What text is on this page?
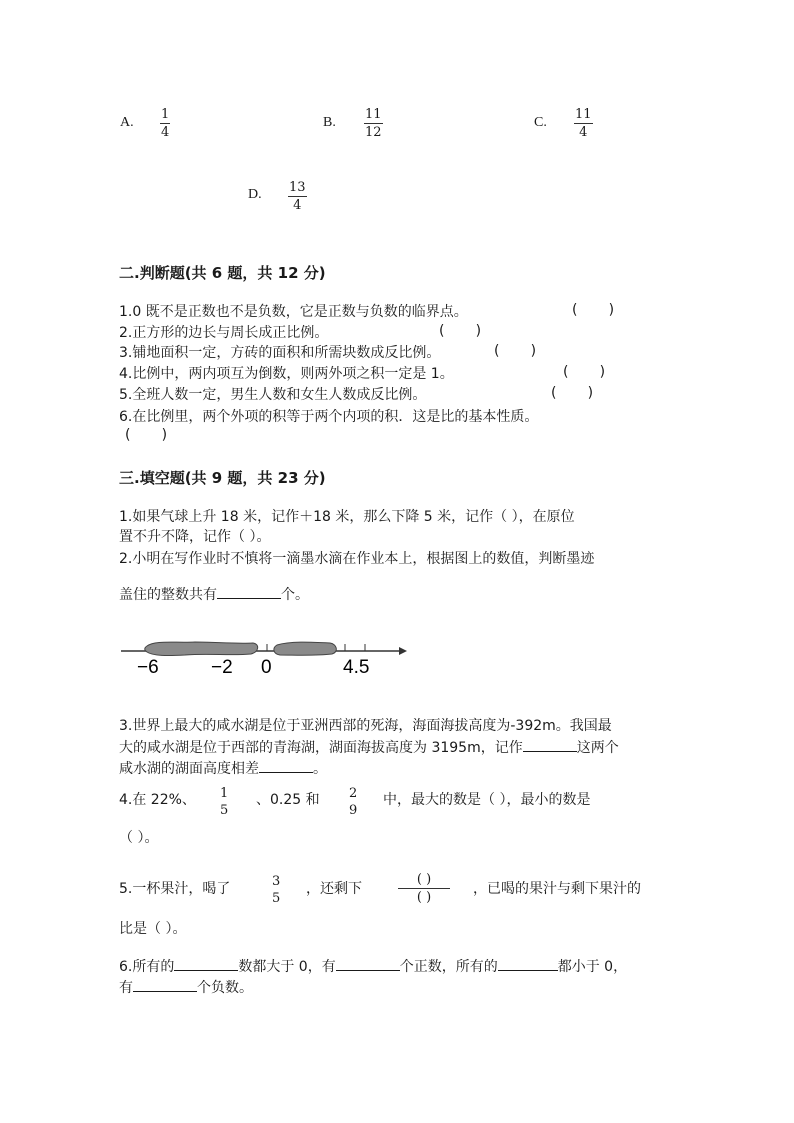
A. $\frac{1}{4}$	B. $\frac{11}{12}$	C. $\frac{11}{4}$
D. $\frac{13}{4}$
二.判断题(共 6 题，共 12 分)
1.0 既不是正数也不是负数，它是正数与负数的临界点。	(       )
2.正方形的边长与周长成正比例。	(       )
3.铺地面积一定，方砖的面积和所需块数成反比例。	(       )
4.比例中，两内项互为倒数，则两外项之积一定是 1。	(       )
5.全班人数一定，男生人数和女生人数成反比例。	(       )
6.在比例里，两个外项的积等于两个内项的积．这是比的基本性质。
(       )
三.填空题(共 9 题，共 23 分)
1.如果气球上升 18 米，记作＋18 米，那么下降 5 米，记作（ ），在原位
置不升不降，记作（ ）。
2.小明在写作业时不慎将一滴墨水滴在作业本上，根据图上的数值，判断墨迹
盖住的整数共有	个。
−6	−2 0	4.5
3.世界上最大的咸水湖是位于亚洲西部的死海，海面海拔高度为-392m。我国最
大的咸水湖是位于西部的青海湖，湖面海拔高度为 3195m，记作	这两个
咸水湖的湖面高度相差	。
4.在 22%、 1
5
、0.25 和 2
9
中，最大的数是（ ），最小的数是
（ ）。
5.一杯果汁，喝了	3
5
，还剩下
( )
( )
，已喝的果汁与剩下果汁的
比是（ ）。
6.所有的	数都大于 0，有	个正数，所有的	都小于 0，
有	个负数。
